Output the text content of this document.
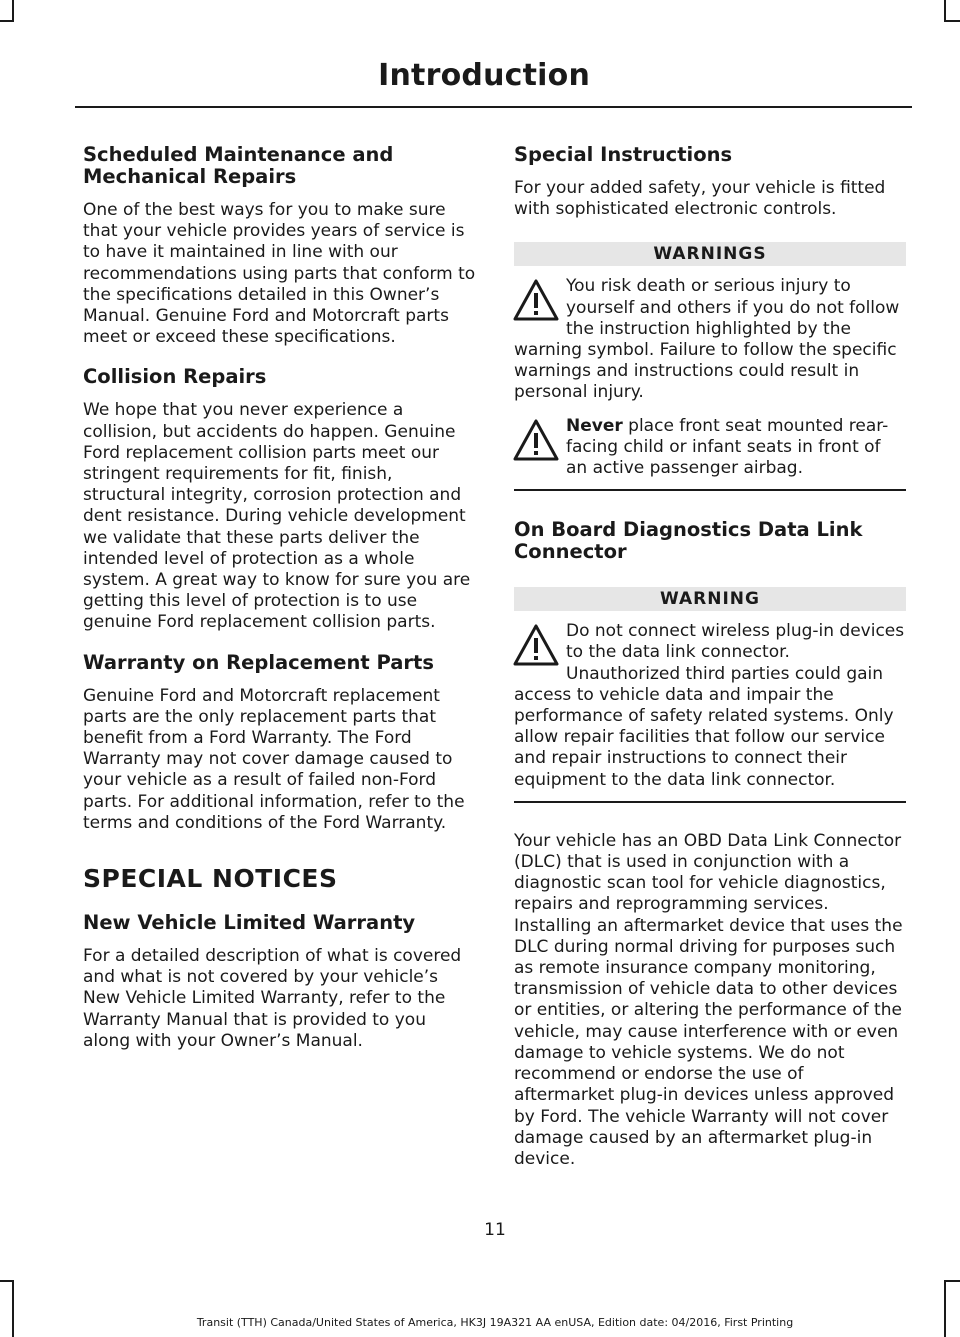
Introduction
Scheduled Maintenance and Mechanical Repairs

One of the best ways for you to make sure that your vehicle provides years of service is to have it maintained in line with our recommendations using parts that conform to the specifications detailed in this Owner’s Manual. Genuine Ford and Motorcraft parts meet or exceed these specifications.

Collision Repairs

We hope that you never experience a collision, but accidents do happen. Genuine Ford replacement collision parts meet our stringent requirements for fit, finish, structural integrity, corrosion protection and dent resistance. During vehicle development we validate that these parts deliver the intended level of protection as a whole system. A great way to know for sure you are getting this level of protection is to use genuine Ford replacement collision parts.

Warranty on Replacement Parts

Genuine Ford and Motorcraft replacement parts are the only replacement parts that benefit from a Ford Warranty. The Ford Warranty may not cover damage caused to your vehicle as a result of failed non-Ford parts. For additional information, refer to the terms and conditions of the Ford Warranty.

SPECIAL NOTICES
New Vehicle Limited Warranty

For a detailed description of what is covered and what is not covered by your vehicle’s New Vehicle Limited Warranty, refer to the Warranty Manual that is provided to you along with your Owner’s Manual.

Special Instructions

For your added safety, your vehicle is fitted with sophisticated electronic controls.

WARNINGS
You risk death or serious injury to yourself and others if you do not follow the instruction highlighted by the warning symbol. Failure to follow the specific warnings and instructions could result in personal injury.
Never place front seat mounted rear-facing child or infant seats in front of an active passenger airbag.
On Board Diagnostics Data Link Connector
WARNING
Do not connect wireless plug-in devices to the data link connector. Unauthorized third parties could gain access to vehicle data and impair the performance of safety related systems. Only allow repair facilities that follow our service and repair instructions to connect their equipment to the data link connector.

Your vehicle has an OBD Data Link Connector (DLC) that is used in conjunction with a diagnostic scan tool for vehicle diagnostics, repairs and reprogramming services. Installing an aftermarket device that uses the DLC during normal driving for purposes such as remote insurance company monitoring, transmission of vehicle data to other devices or entities, or altering the performance of the vehicle, may cause interference with or even damage to vehicle systems. We do not recommend or endorse the use of aftermarket plug-in devices unless approved by Ford. The vehicle Warranty will not cover damage caused by an aftermarket plug-in device.

11
Transit (TTH) Canada/United States of America, HK3J 19A321 AA enUSA, Edition date: 04/2016, First Printing
